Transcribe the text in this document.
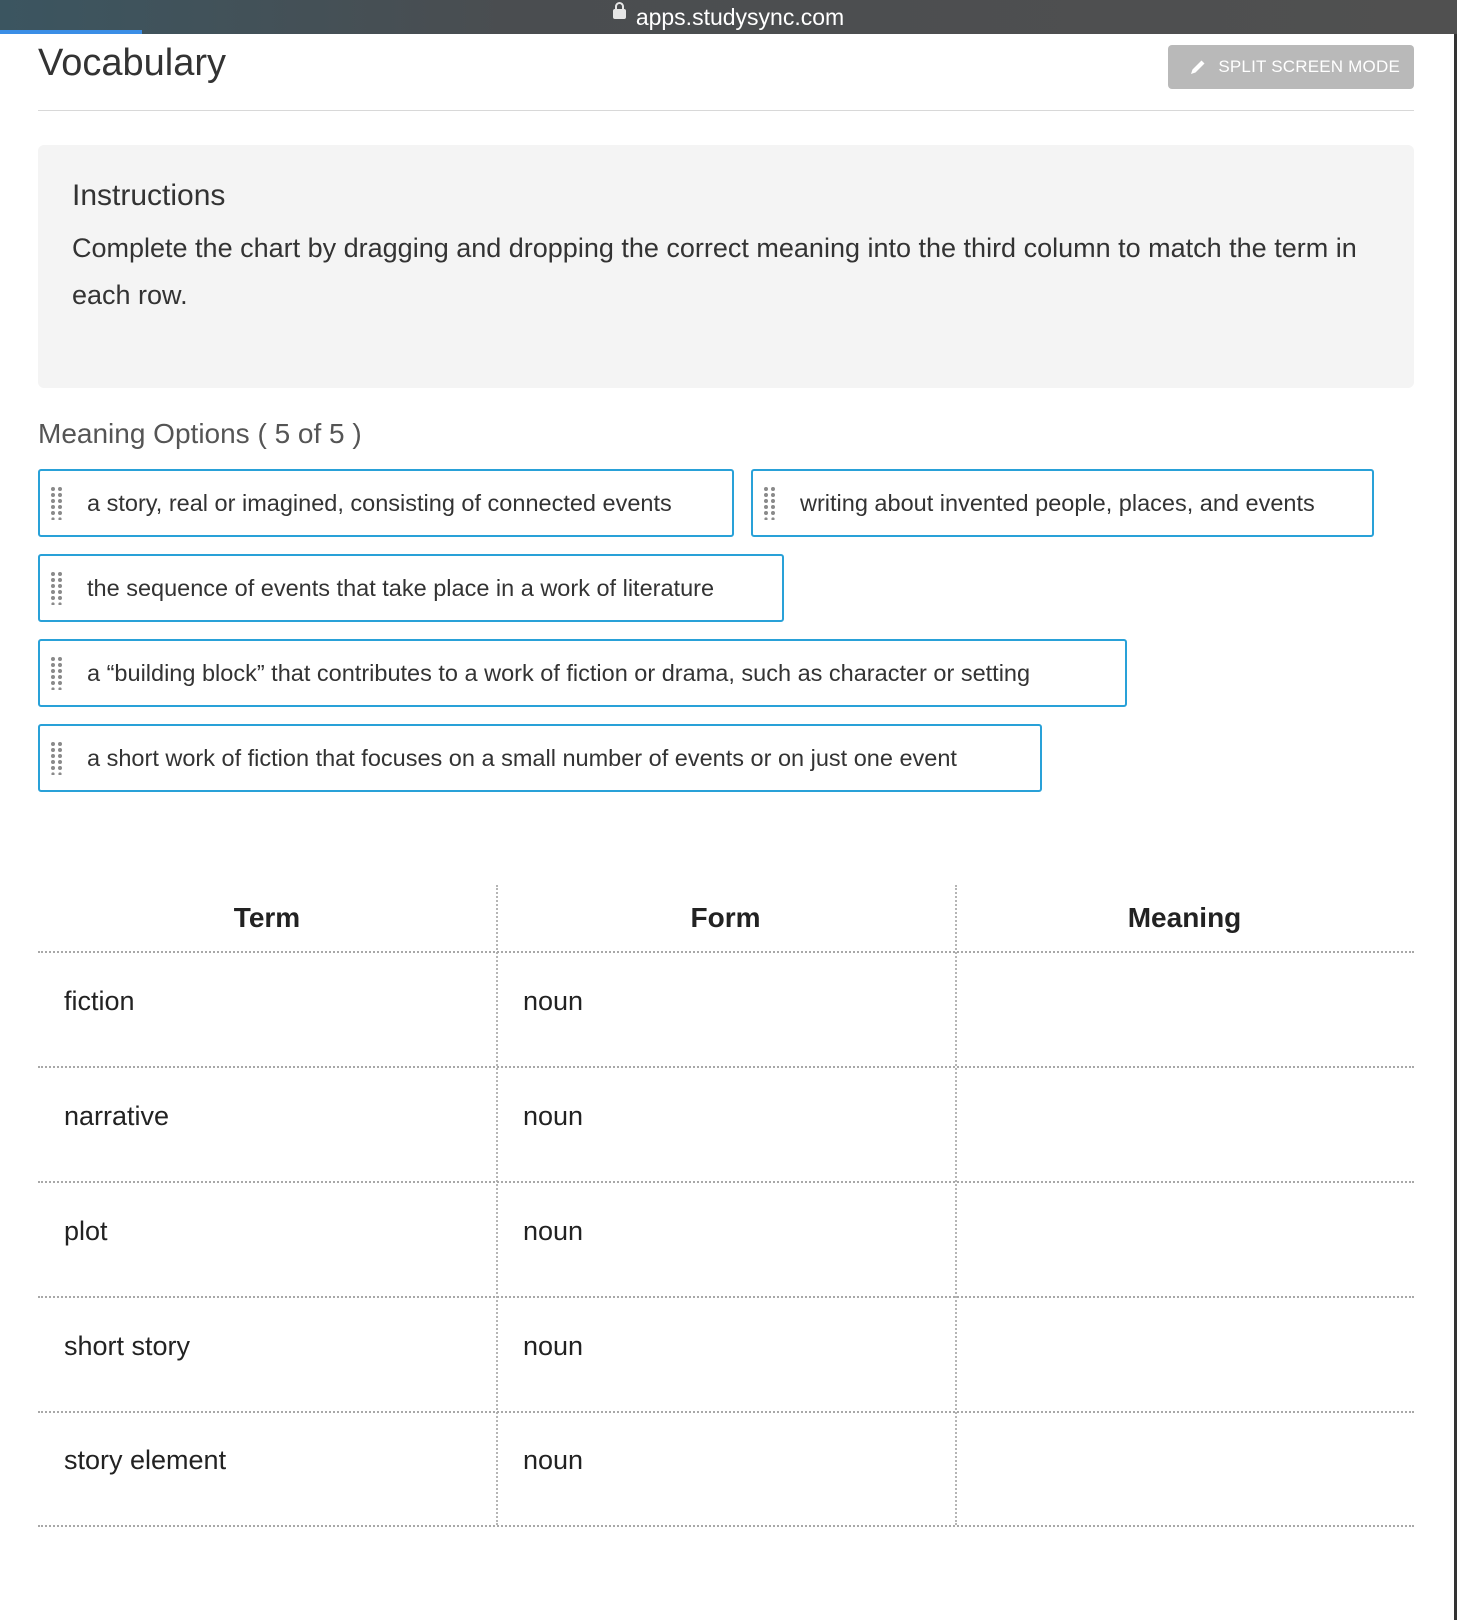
apps.studysync.com
Vocabulary	SPLIT SCREEN MODE
Instructions
Complete the chart by dragging and dropping the correct meaning into the third column to match the term in each row.
Meaning Options ( 5 of 5 )
a story, real or imagined, consisting of connected events	writing about invented people, places, and events
the sequence of events that take place in a work of literature
a “building block” that contributes to a work of fiction or drama, such as character or setting
a short work of fiction that focuses on a small number of events or on just one event
Term	Form	Meaning
fiction	noun
narrative	noun
plot	noun
short story	noun
story element	noun
